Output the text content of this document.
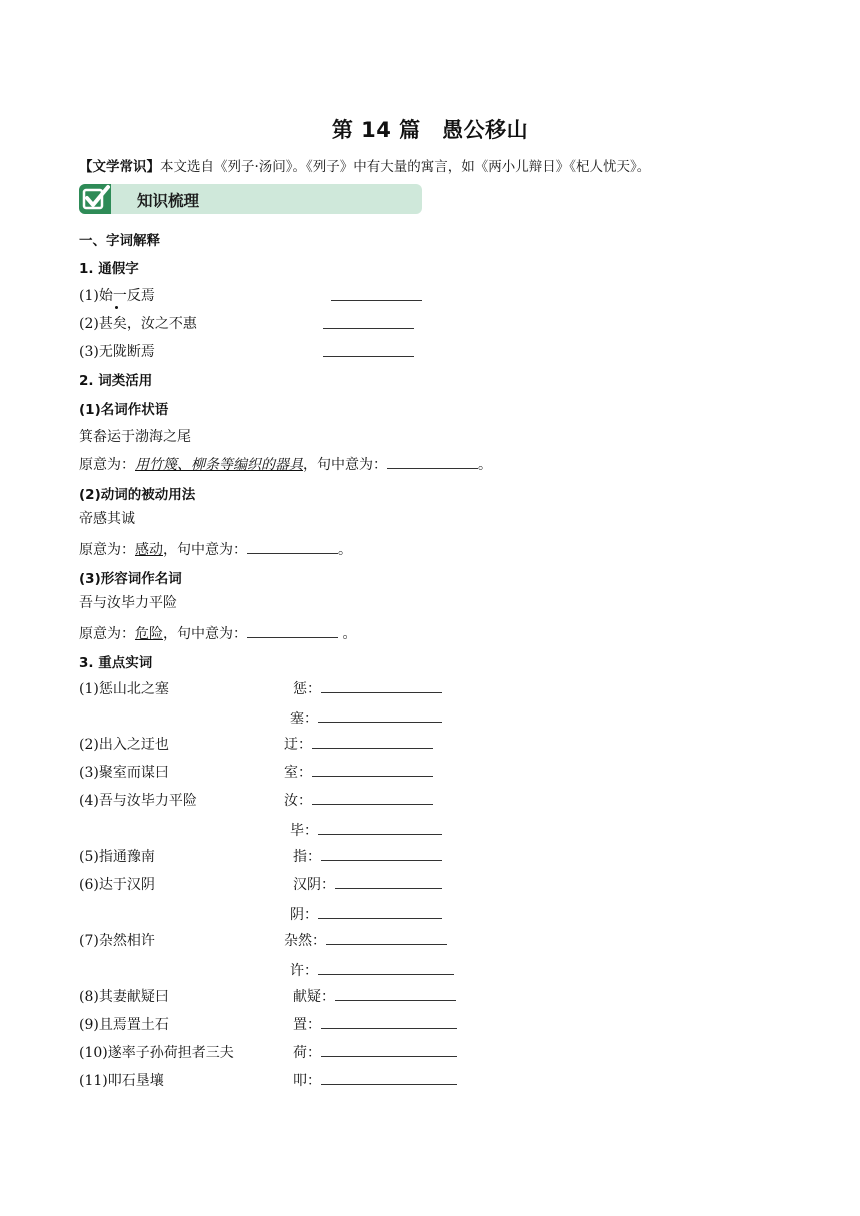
第 14 篇　愚公移山
【文学常识】本文选自《列子·汤问》。《列子》中有大量的寓言，如《两小儿辩日》《杞人忧天》。
知识梳理
一、字词解释
1. 通假字
(1)始一反焉
(2)甚矣，汝之不惠
(3)无陇断焉
2. 词类活用
(1)名词作状语
箕畚运于渤海之尾
原意为：用竹篾、柳条等编织的器具，句中意为：	。
(2)动词的被动用法
帝感其诚
原意为：感动，句中意为：	。
(3)形容词作名词
吾与汝毕力平险
原意为：危险，句中意为：	。
3. 重点实词
(1)惩山北之塞	惩：
塞：
(2)出入之迂也	迂：
(3)聚室而谋曰	室：
(4)吾与汝毕力平险	汝：
毕：
(5)指通豫南	指：
(6)达于汉阴	汉阴：
阴：
(7)杂然相许	杂然：
许：
(8)其妻献疑曰	献疑：
(9)且焉置土石	置：
(10)遂率子孙荷担者三夫	荷：
(11)叩石垦壤	叩：
